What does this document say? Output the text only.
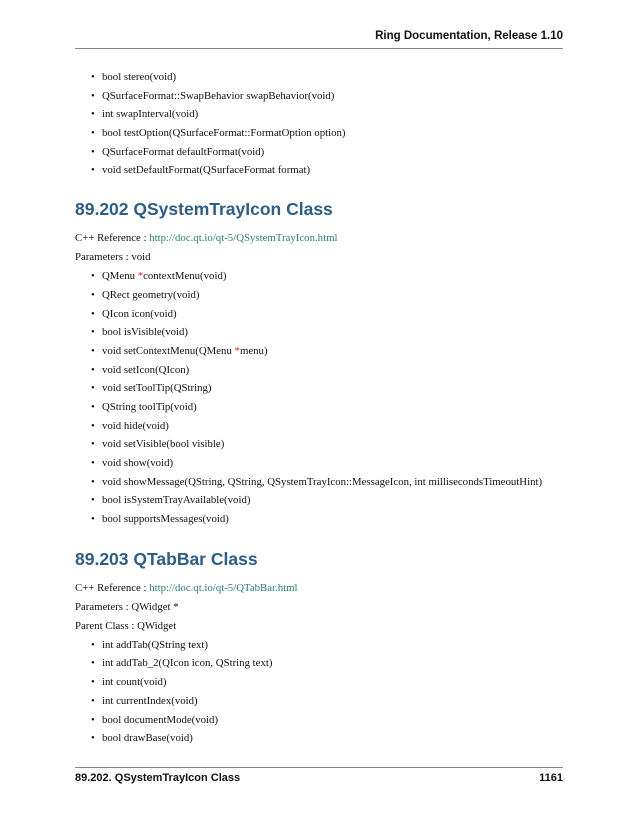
Ring Documentation, Release 1.10
• bool stereo(void)
• QSurfaceFormat::SwapBehavior swapBehavior(void)
• int swapInterval(void)
• bool testOption(QSurfaceFormat::FormatOption option)
• QSurfaceFormat defaultFormat(void)
• void setDefaultFormat(QSurfaceFormat format)
89.202 QSystemTrayIcon Class

C++ Reference : http://doc.qt.io/qt-5/QSystemTrayIcon.html

Parameters : void

• QMenu *contextMenu(void)
• QRect geometry(void)
• QIcon icon(void)
• bool isVisible(void)
• void setContextMenu(QMenu *menu)
• void setIcon(QIcon)
• void setToolTip(QString)
• QString toolTip(void)
• void hide(void)
• void setVisible(bool visible)
• void show(void)
• void showMessage(QString, QString, QSystemTrayIcon::MessageIcon, int millisecondsTimeoutHint)
• bool isSystemTrayAvailable(void)
• bool supportsMessages(void)
89.203 QTabBar Class

C++ Reference : http://doc.qt.io/qt-5/QTabBar.html

Parameters : QWidget *

Parent Class : QWidget

• int addTab(QString text)
• int addTab_2(QIcon icon, QString text)
• int count(void)
• int currentIndex(void)
• bool documentMode(void)
• bool drawBase(void)
89.202. QSystemTrayIcon Class	1161
